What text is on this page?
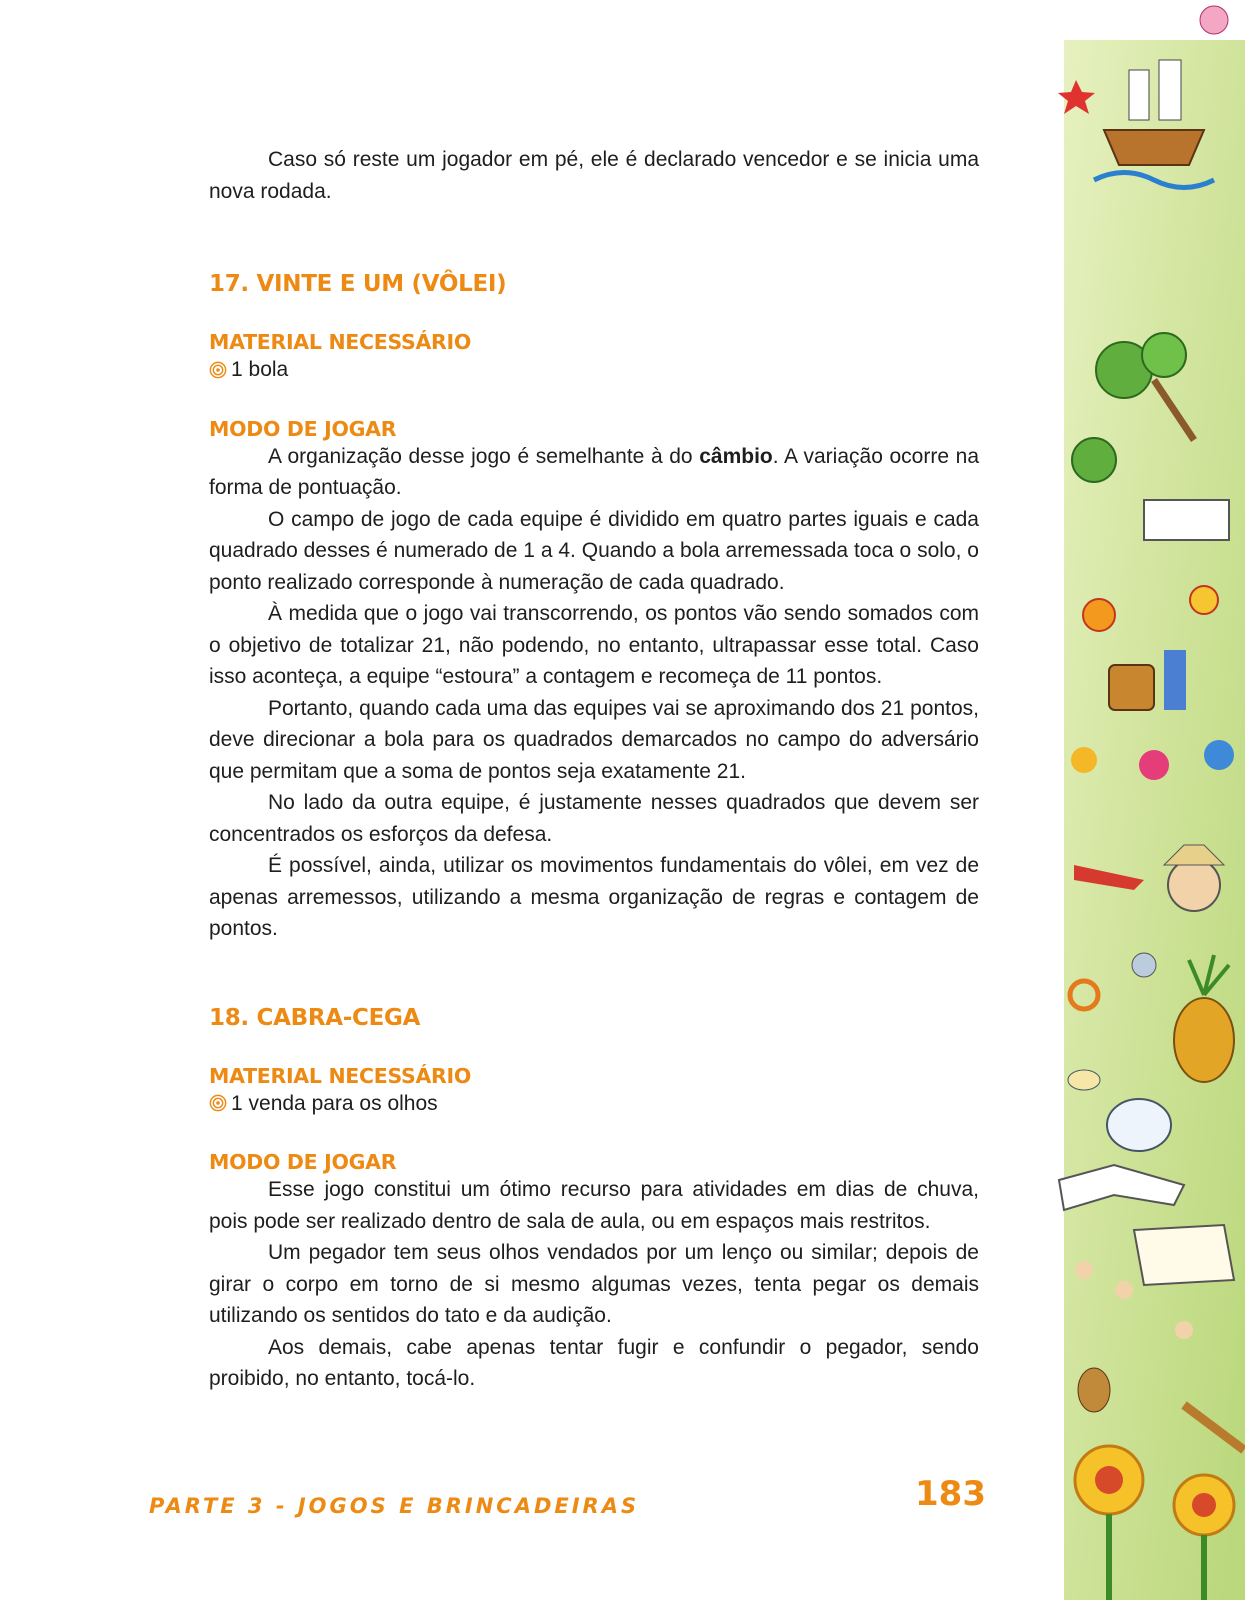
Caso só reste um jogador em pé, ele é declarado vencedor e se inicia uma nova rodada.

17. VINTE E UM (VÔLEI)
MATERIAL NECESSÁRIO
1 bola
MODO DE JOGAR

A organização desse jogo é semelhante à do câmbio. A variação ocorre na forma de pontuação.

O campo de jogo de cada equipe é dividido em quatro partes iguais e cada quadrado desses é numerado de 1 a 4. Quando a bola arremessada toca o solo, o ponto realizado corresponde à numeração de cada quadrado.

À medida que o jogo vai transcorrendo, os pontos vão sendo somados com o objetivo de totalizar 21, não podendo, no entanto, ultrapassar esse total. Caso isso aconteça, a equipe “estoura” a contagem e recomeça de 11 pontos.

Portanto, quando cada uma das equipes vai se aproximando dos 21 pontos, deve direcionar a bola para os quadrados demarcados no campo do adversário que permitam que a soma de pontos seja exatamente 21.

No lado da outra equipe, é justamente nesses quadrados que devem ser concentrados os esforços da defesa.

É possível, ainda, utilizar os movimentos fundamentais do vôlei, em vez de apenas arremessos, utilizando a mesma organização de regras e contagem de pontos.

18. CABRA-CEGA
MATERIAL NECESSÁRIO
1 venda para os olhos
MODO DE JOGAR

Esse jogo constitui um ótimo recurso para atividades em dias de chuva, pois pode ser realizado dentro de sala de aula, ou em espaços mais restritos.

Um pegador tem seus olhos vendados por um lenço ou similar; depois de girar o corpo em torno de si mesmo algumas vezes, tenta pegar os demais utilizando os sentidos do tato e da audição.

Aos demais, cabe apenas tentar fugir e confundir o pegador, sendo proibido, no entanto, tocá-lo.

PARTE 3 - JOGOS E BRINCADEIRAS	183
